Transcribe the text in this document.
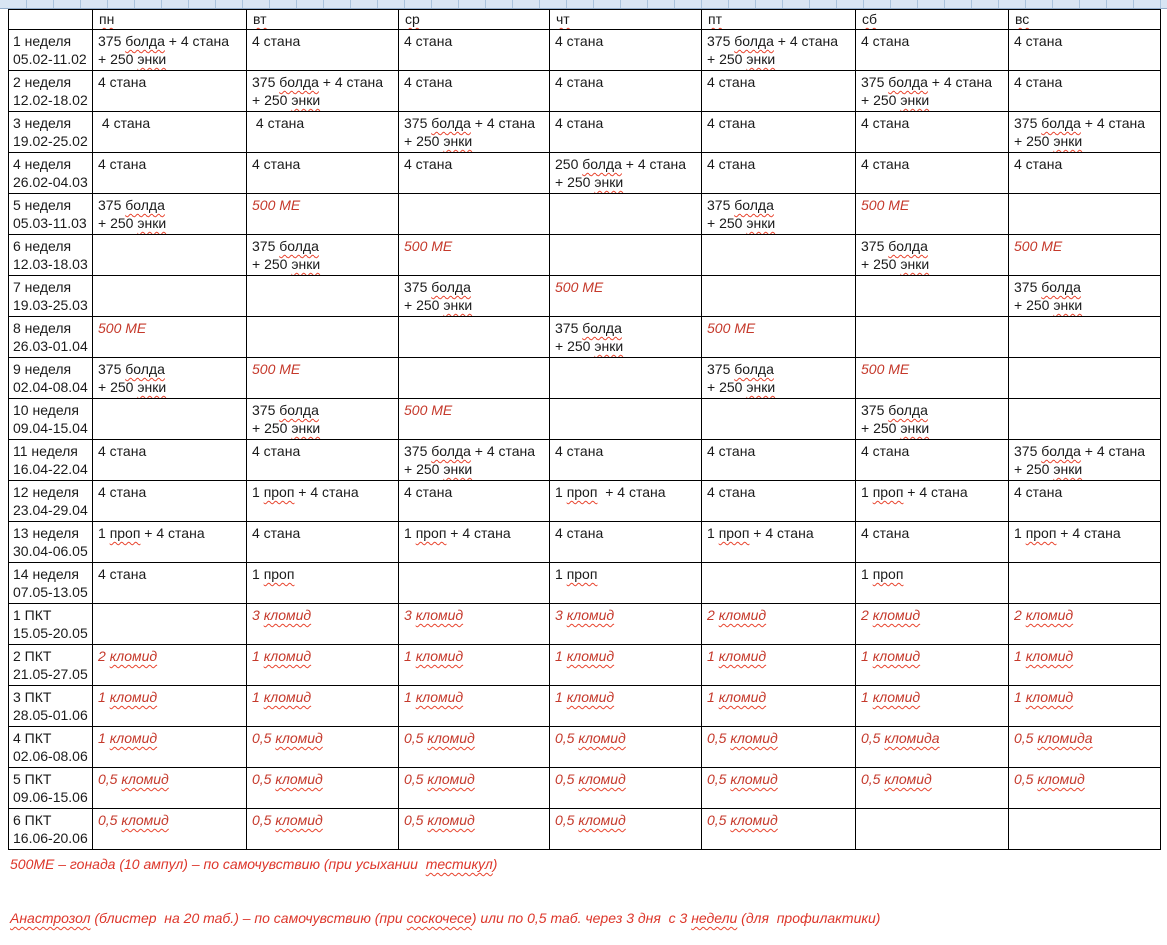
	пн	вт	ср	чт	пт	сб	вс

1 неделя
05.02-11.02	375 болда + 4 стана
+ 250 энки	4 стана	4 стана	4 стана	375 болда + 4 стана
+ 250 энки	4 стана	4 стана

2 неделя
12.02-18.02	4 стана	375 болда + 4 стана
+ 250 энки	4 стана	4 стана	4 стана	375 болда + 4 стана
+ 250 энки	4 стана

3 неделя
19.02-25.02	4 стана	4 стана	375 болда + 4 стана
+ 250 энки	4 стана	4 стана	4 стана	375 болда + 4 стана
+ 250 энки

4 неделя
26.02-04.03	4 стана	4 стана	4 стана	250 болда + 4 стана
+ 250 энки	4 стана	4 стана	4 стана

5 неделя
05.03-11.03	375 болда
+ 250 энки	500 МЕ			375 болда
+ 250 энки	500 МЕ	

6 неделя
12.03-18.03		375 болда
+ 250 энки	500 МЕ			375 болда
+ 250 энки	500 МЕ

7 неделя
19.03-25.03			375 болда
+ 250 энки	500 МЕ			375 болда
+ 250 энки

8 неделя
26.03-01.04	500 МЕ			375 болда
+ 250 энки	500 МЕ		

9 неделя
02.04-08.04	375 болда
+ 250 энки	500 МЕ			375 болда
+ 250 энки	500 МЕ	

10 неделя
09.04-15.04		375 болда
+ 250 энки	500 МЕ			375 болда
+ 250 энки	

11 неделя
16.04-22.04	4 стана	4 стана	375 болда + 4 стана
+ 250 энки	4 стана	4 стана	4 стана	375 болда + 4 стана
+ 250 энки

12 неделя
23.04-29.04	4 стана	1 проп + 4 стана	4 стана	1 проп  + 4 стана	4 стана	1 проп + 4 стана	4 стана

13 неделя
30.04-06.05	1 проп + 4 стана	4 стана	1 проп + 4 стана	4 стана	1 проп + 4 стана	4 стана	1 проп + 4 стана

14 неделя
07.05-13.05	4 стана	1 проп		1 проп		1 проп	

1 ПКТ
15.05-20.05		3 кломид	3 кломид	3 кломид	2 кломид	2 кломид	2 кломид

2 ПКТ
21.05-27.05	2 кломид	1 кломид	1 кломид	1 кломид	1 кломид	1 кломид	1 кломид

3 ПКТ
28.05-01.06	1 кломид	1 кломид	1 кломид	1 кломид	1 кломид	1 кломид	1 кломид

4 ПКТ
02.06-08.06	1 кломид	0,5 кломид	0,5 кломид	0,5 кломид	0,5 кломид	0,5 кломида	0,5 кломида

5 ПКТ
09.06-15.06	0,5 кломид	0,5 кломид	0,5 кломид	0,5 кломид	0,5 кломид	0,5 кломид	0,5 кломид

6 ПКТ
16.06-20.06	0,5 кломид	0,5 кломид	0,5 кломид	0,5 кломид	0,5 кломид		

500МЕ – гонада (10 ампул) – по самочувствию (при усыхании  тестикул)

Анастрозол (блистер  на 20 таб.) – по самочувствию (при соскочесе) или по 0,5 таб. через 3 дня  с 3 недели (для  профилактики)
